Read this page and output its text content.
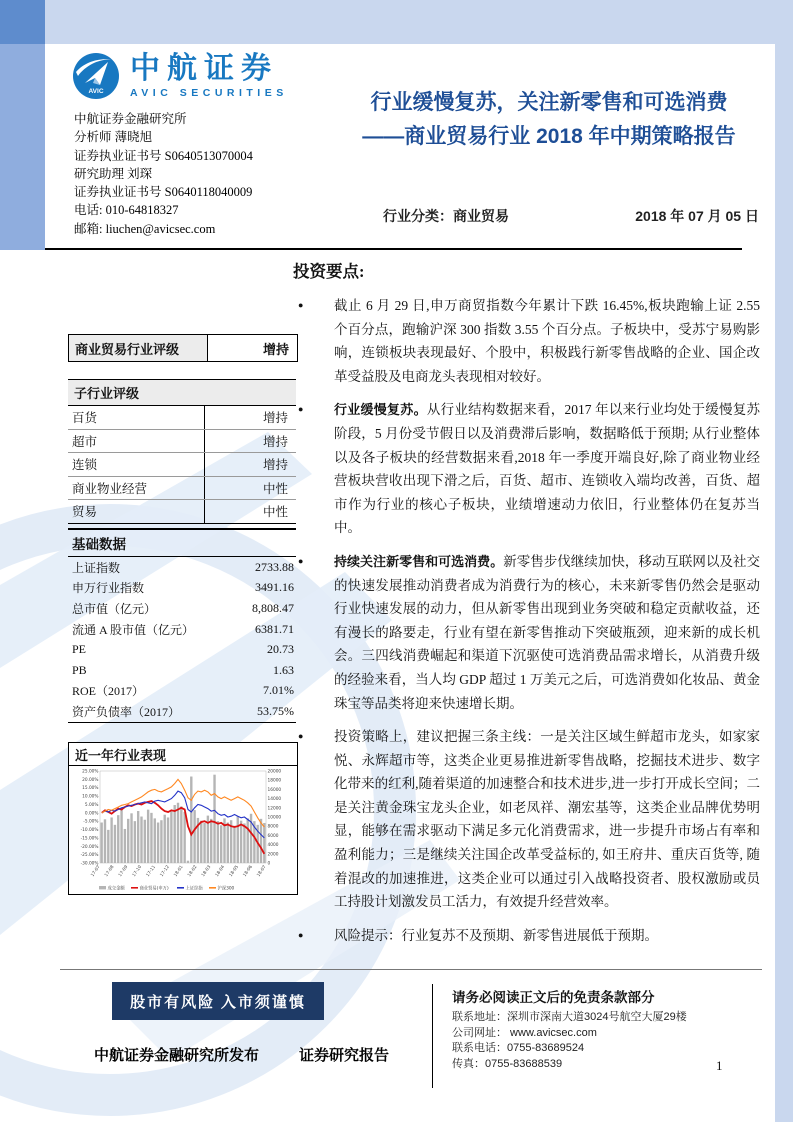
AVIC
中航证券
AVIC SECURITIES
中航证券金融研究所
分析师 薄晓旭
证券执业证书号 S0640513070004
研究助理 刘琛
证券执业证书号 S0640118040009
电话: 010-64818327
邮箱: liuchen@avicsec.com
行业缓慢复苏，关注新零售和可选消费
——商业贸易行业 2018 年中期策略报告
行业分类：商业贸易	2018 年 07 月 05 日
商业贸易行业评级	增持
子行业评级
百货	增持
超市	增持
连锁	增持
商业物业经营	中性
贸易	中性
基础数据
上证指数	2733.88
申万行业指数	3491.16
总市值（亿元）	8,808.47
流通 A 股市值（亿元）	6381.71
PE	20.73
PB	1.63
ROE（2017）	7.01%
资产负债率（2017）	53.75%
近一年行业表现
25.00%
20.00%
15.00%
10.00%
5.00%
0.00%
-5.00%
-10.00%
-15.00%
-20.00%
-25.00%
-30.00%
20000
18000
16000
14000
12000
10000
8000
6000
4000
2000
0
17-07 17-08 17-09 17-10 17-11 17-12 18-01 18-02 18-03 18-04 18-05 18-06 18-07
成交金额	商业贸易(申万)	上证综指	沪深300
投资要点:
●	截止 6 月 29 日,申万商贸指数今年累计下跌 16.45%,板块跑输上证 2.55 个百分点，跑输沪深 300 指数 3.55 个百分点。子板块中，受苏宁易购影响，连锁板块表现最好、个股中，积极践行新零售战略的企业、国企改革受益股及电商龙头表现相对较好。

●	行业缓慢复苏。从行业结构数据来看，2017 年以来行业均处于缓慢复苏阶段，5 月份受节假日以及消费滞后影响，数据略低于预期; 从行业整体以及各子板块的经营数据来看,2018 年一季度开端良好,除了商业物业经营板块营收出现下滑之后，百货、超市、连锁收入端均改善，百货、超市作为行业的核心子板块，业绩增速动力依旧，行业整体仍在复苏当中。

●	持续关注新零售和可选消费。新零售步伐继续加快，移动互联网以及社交的快速发展推动消费者成为消费行为的核心，未来新零售仍然会是驱动行业快速发展的动力，但从新零售出现到业务突破和稳定贡献收益，还有漫长的路要走，行业有望在新零售推动下突破瓶颈，迎来新的成长机会。三四线消费崛起和渠道下沉驱使可选消费品需求增长，从消费升级的经验来看，当人均 GDP 超过 1 万美元之后，可选消费如化妆品、黄金珠宝等品类将迎来快速增长期。

●	投资策略上，建议把握三条主线：一是关注区域生鲜超市龙头，如家家悦、永辉超市等，这类企业更易推进新零售战略，挖掘技术进步、数字化带来的红利,随着渠道的加速整合和技术进步,进一步打开成长空间；二是关注黄金珠宝龙头企业，如老凤祥、潮宏基等，这类企业品牌优势明显，能够在需求驱动下满足多元化消费需求，进一步提升市场占有率和盈利能力；三是继续关注国企改革受益标的, 如王府井、重庆百货等, 随着混改的加速推进，这类企业可以通过引入战略投资者、股权激励或员工持股计划激发员工活力，有效提升经营效率。

●	风险提示：行业复苏不及预期、新零售进展低于预期。

股市有风险 入市须谨慎
中航证券金融研究所发布	证券研究报告
请务必阅读正文后的免责条款部分
联系地址：深圳市深南大道3024号航空大厦29楼
公司网址： www.avicsec.com
联系电话：0755-83689524
传真：0755-83688539	1
